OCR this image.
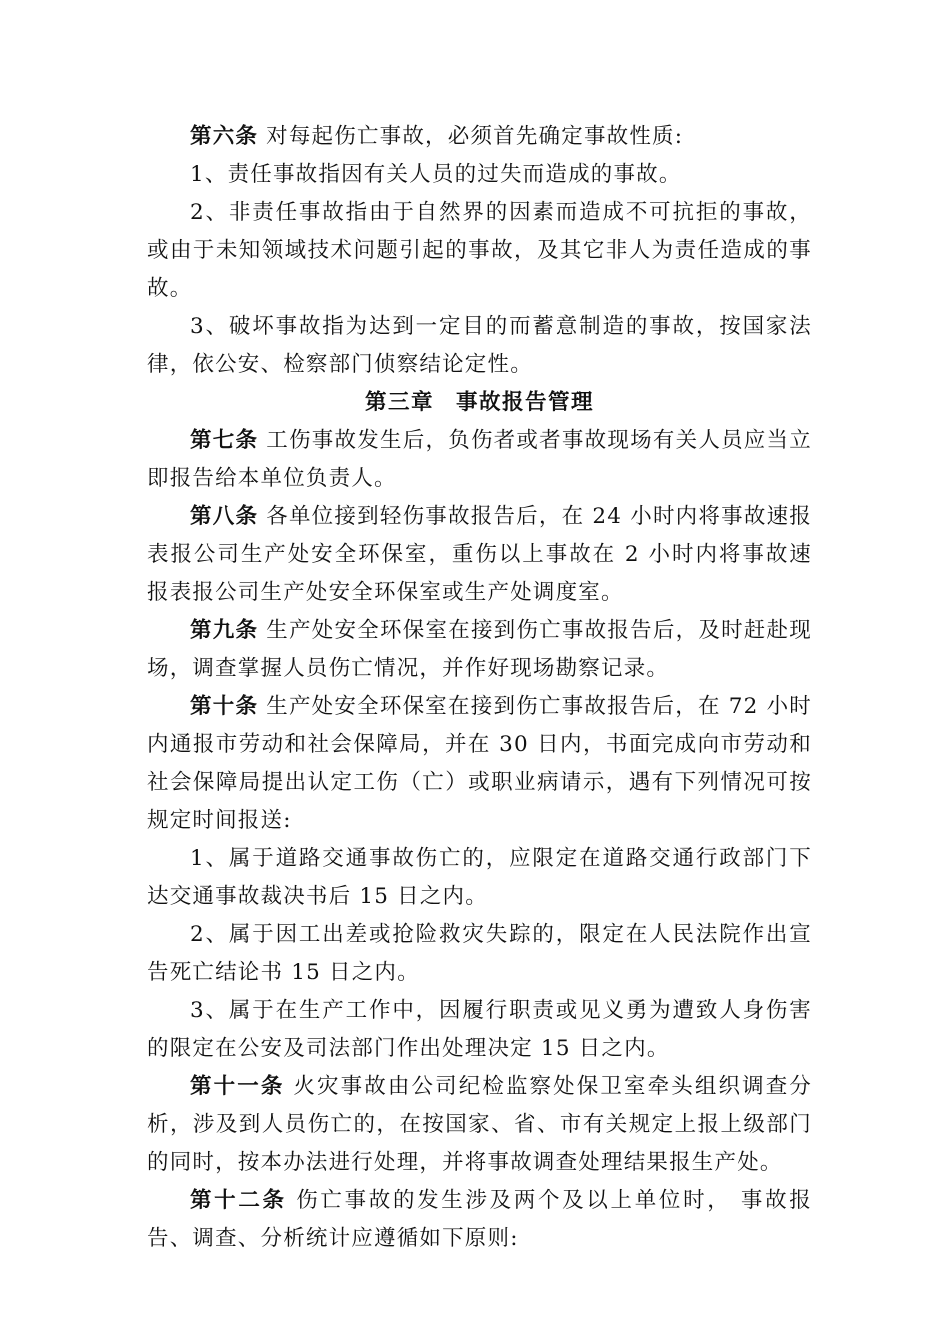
第六条 对每起伤亡事故，必须首先确定事故性质:

1、责任事故指因有关人员的过失而造成的事故。

2、非责任事故指由于自然界的因素而造成不可抗拒的事故，或由于未知领域技术问题引起的事故，及其它非人为责任造成的事故。

3、破坏事故指为达到一定目的而蓄意制造的事故，按国家法律，依公安、检察部门侦察结论定性。

第三章 事故报告管理

第七条 工伤事故发生后，负伤者或者事故现场有关人员应当立即报告给本单位负责人。

第八条 各单位接到轻伤事故报告后，在 24 小时内将事故速报表报公司生产处安全环保室，重伤以上事故在 2 小时内将事故速报表报公司生产处安全环保室或生产处调度室。

第九条 生产处安全环保室在接到伤亡事故报告后，及时赶赴现场，调查掌握人员伤亡情况，并作好现场勘察记录。

第十条 生产处安全环保室在接到伤亡事故报告后，在 72 小时内通报市劳动和社会保障局，并在 30 日内，书面完成向市劳动和社会保障局提出认定工伤（亡）或职业病请示，遇有下列情况可按规定时间报送:

1、属于道路交通事故伤亡的，应限定在道路交通行政部门下达交通事故裁决书后 15 日之内。

2、属于因工出差或抢险救灾失踪的，限定在人民法院作出宣告死亡结论书 15 日之内。

3、属于在生产工作中，因履行职责或见义勇为遭致人身伤害的限定在公安及司法部门作出处理决定 15 日之内。

第十一条 火灾事故由公司纪检监察处保卫室牵头组织调查分析，涉及到人员伤亡的，在按国家、省、市有关规定上报上级部门的同时，按本办法进行处理，并将事故调查处理结果报生产处。

第十二条 伤亡事故的发生涉及两个及以上单位时， 事故报告、调查、分析统计应遵循如下原则:
